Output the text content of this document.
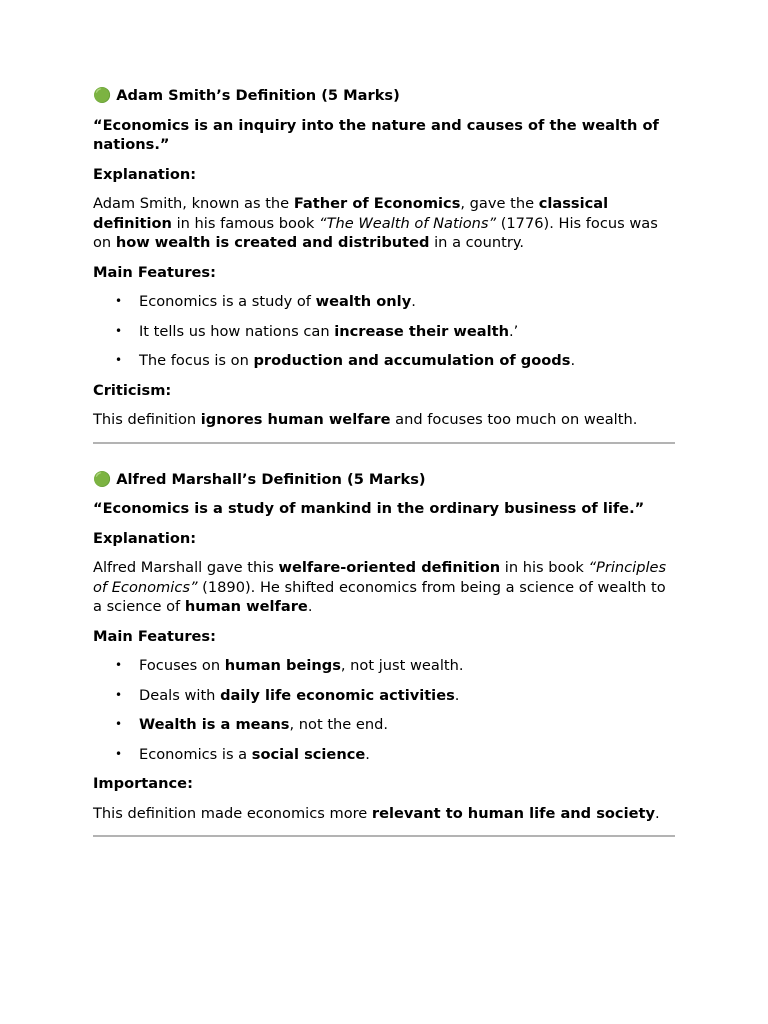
🟢 Adam Smith’s Definition (5 Marks)
“Economics is an inquiry into the nature and causes of the wealth of nations.”
Explanation:

Adam Smith, known as the Father of Economics, gave the classical definition in his famous book “The Wealth of Nations” (1776). His focus was on how wealth is created and distributed in a country.

Main Features:
• Economics is a study of wealth only.
• It tells us how nations can increase their wealth.’
• The focus is on production and accumulation of goods.
Criticism:

This definition ignores human welfare and focuses too much on wealth.

🟢 Alfred Marshall’s Definition (5 Marks)
“Economics is a study of mankind in the ordinary business of life.”
Explanation:

Alfred Marshall gave this welfare-oriented definition in his book “Principles of Economics” (1890). He shifted economics from being a science of wealth to a science of human welfare.

Main Features:
• Focuses on human beings, not just wealth.
• Deals with daily life economic activities.
• Wealth is a means, not the end.
• Economics is a social science.
Importance:

This definition made economics more relevant to human life and society.
